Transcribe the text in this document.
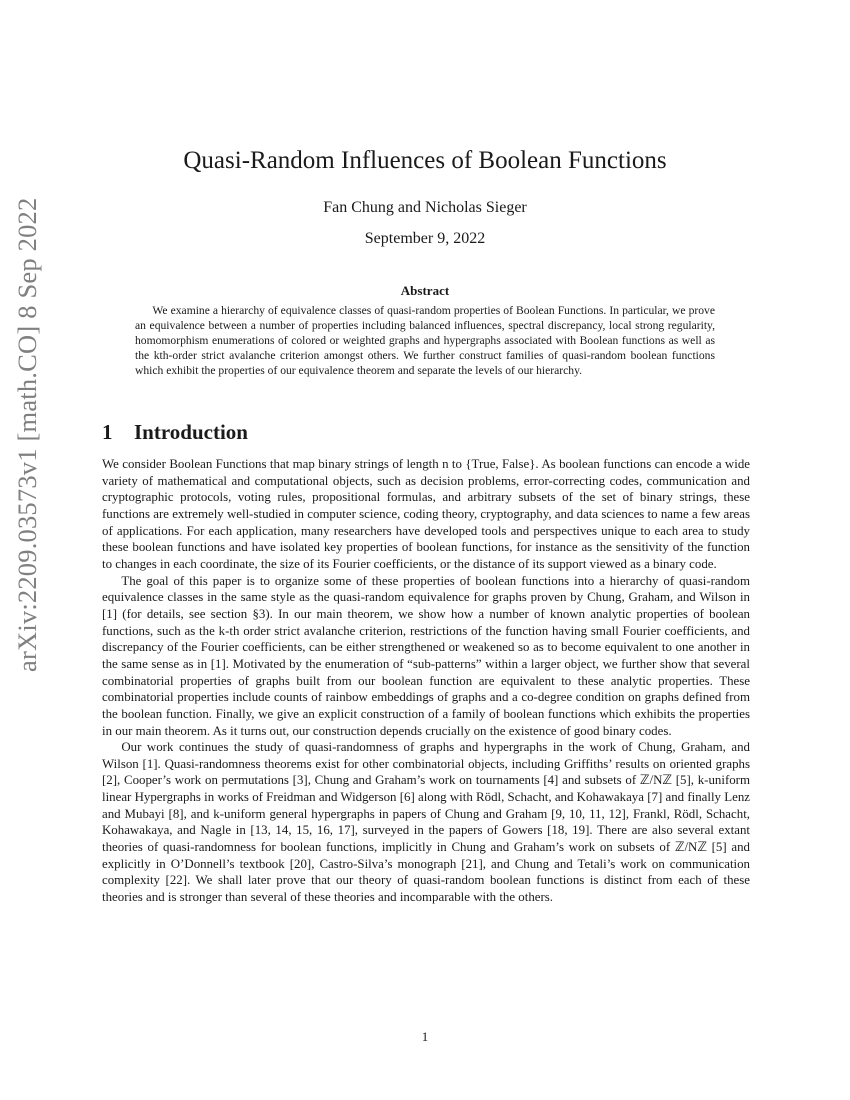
arXiv:2209.03573v1 [math.CO] 8 Sep 2022
Quasi-Random Influences of Boolean Functions
Fan Chung and Nicholas Sieger
September 9, 2022
Abstract
We examine a hierarchy of equivalence classes of quasi-random properties of Boolean Functions. In particular, we prove an equivalence between a number of properties including balanced influences, spectral discrepancy, local strong regularity, homomorphism enumerations of colored or weighted graphs and hypergraphs associated with Boolean functions as well as the kth-order strict avalanche criterion amongst others. We further construct families of quasi-random boolean functions which exhibit the properties of our equivalence theorem and separate the levels of our hierarchy.
1 Introduction

We consider Boolean Functions that map binary strings of length n to {True, False}. As boolean functions can encode a wide variety of mathematical and computational objects, such as decision problems, error-correcting codes, communication and cryptographic protocols, voting rules, propositional formulas, and arbitrary subsets of the set of binary strings, these functions are extremely well-studied in computer science, coding theory, cryptography, and data sciences to name a few areas of applications. For each application, many researchers have developed tools and perspectives unique to each area to study these boolean functions and have isolated key properties of boolean functions, for instance as the sensitivity of the function to changes in each coordinate, the size of its Fourier coefficients, or the distance of its support viewed as a binary code.

The goal of this paper is to organize some of these properties of boolean functions into a hierarchy of quasi-random equivalence classes in the same style as the quasi-random equivalence for graphs proven by Chung, Graham, and Wilson in [1] (for details, see section §3). In our main theorem, we show how a number of known analytic properties of boolean functions, such as the k-th order strict avalanche criterion, restrictions of the function having small Fourier coefficients, and discrepancy of the Fourier coefficients, can be either strengthened or weakened so as to become equivalent to one another in the same sense as in [1]. Motivated by the enumeration of “sub-patterns” within a larger object, we further show that several combinatorial properties of graphs built from our boolean function are equivalent to these analytic properties. These combinatorial properties include counts of rainbow embeddings of graphs and a co-degree condition on graphs defined from the boolean function. Finally, we give an explicit construction of a family of boolean functions which exhibits the properties in our main theorem. As it turns out, our construction depends crucially on the existence of good binary codes.

Our work continues the study of quasi-randomness of graphs and hypergraphs in the work of Chung, Graham, and Wilson [1]. Quasi-randomness theorems exist for other combinatorial objects, including Griffiths’ results on oriented graphs [2], Cooper’s work on permutations [3], Chung and Graham’s work on tournaments [4] and subsets of ℤ/Nℤ [5], k-uniform linear Hypergraphs in works of Freidman and Widgerson [6] along with Rödl, Schacht, and Kohawakaya [7] and finally Lenz and Mubayi [8], and k-uniform general hypergraphs in papers of Chung and Graham [9, 10, 11, 12], Frankl, Rödl, Schacht, Kohawakaya, and Nagle in [13, 14, 15, 16, 17], surveyed in the papers of Gowers [18, 19]. There are also several extant theories of quasi-randomness for boolean functions, implicitly in Chung and Graham’s work on subsets of ℤ/Nℤ [5] and explicitly in O’Donnell’s textbook [20], Castro-Silva’s monograph [21], and Chung and Tetali’s work on communication complexity [22]. We shall later prove that our theory of quasi-random boolean functions is distinct from each of these theories and is stronger than several of these theories and incomparable with the others.

1
